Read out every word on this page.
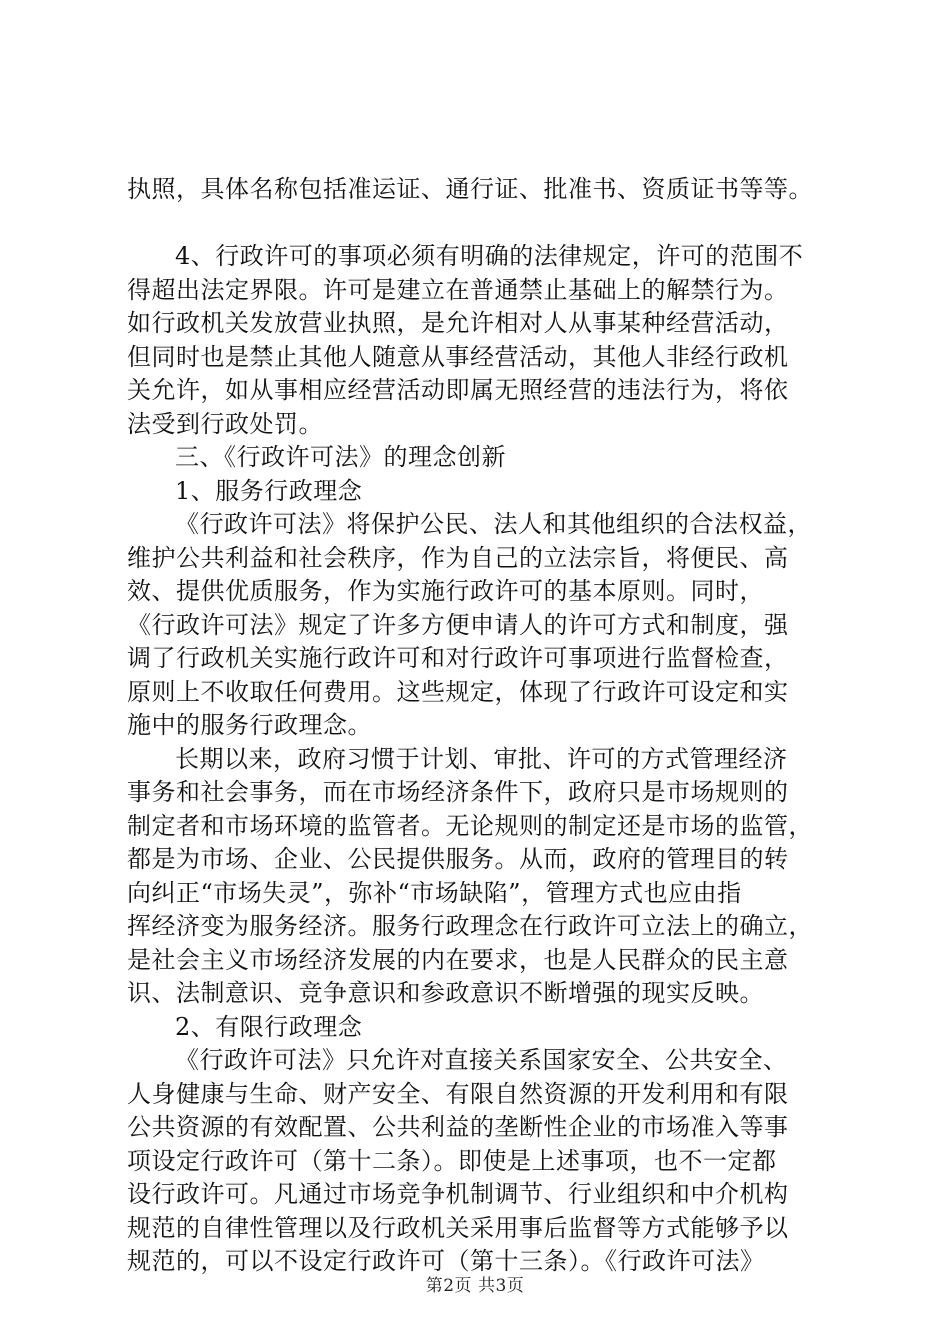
执照，具体名称包括准运证、通行证、批准书、资质证书等等。
4、行政许可的事项必须有明确的法律规定，许可的范围不
得超出法定界限。许可是建立在普通禁止基础上的解禁行为。
如行政机关发放营业执照，是允许相对人从事某种经营活动，
但同时也是禁止其他人随意从事经营活动，其他人非经行政机
关允许，如从事相应经营活动即属无照经营的违法行为，将依
法受到行政处罚。
三、《行政许可法》的理念创新
1、服务行政理念
《行政许可法》将保护公民、法人和其他组织的合法权益，
维护公共利益和社会秩序，作为自己的立法宗旨，将便民、高
效、提供优质服务，作为实施行政许可的基本原则。同时，
《行政许可法》规定了许多方便申请人的许可方式和制度，强
调了行政机关实施行政许可和对行政许可事项进行监督检查，
原则上不收取任何费用。这些规定，体现了行政许可设定和实
施中的服务行政理念。
长期以来，政府习惯于计划、审批、许可的方式管理经济
事务和社会事务，而在市场经济条件下，政府只是市场规则的
制定者和市场环境的监管者。无论规则的制定还是市场的监管，
都是为市场、企业、公民提供服务。从而，政府的管理目的转
向纠正“市场失灵”，弥补“市场缺陷”，管理方式也应由指
挥经济变为服务经济。服务行政理念在行政许可立法上的确立，
是社会主义市场经济发展的内在要求，也是人民群众的民主意
识、法制意识、竞争意识和参政意识不断增强的现实反映。
2、有限行政理念
《行政许可法》只允许对直接关系国家安全、公共安全、
人身健康与生命、财产安全、有限自然资源的开发利用和有限
公共资源的有效配置、公共利益的垄断性企业的市场准入等事
项设定行政许可（第十二条）。即使是上述事项，也不一定都
设行政许可。凡通过市场竞争机制调节、行业组织和中介机构
规范的自律性管理以及行政机关采用事后监督等方式能够予以
规范的，可以不设定行政许可（第十三条）。《行政许可法》
第2页 共3页
